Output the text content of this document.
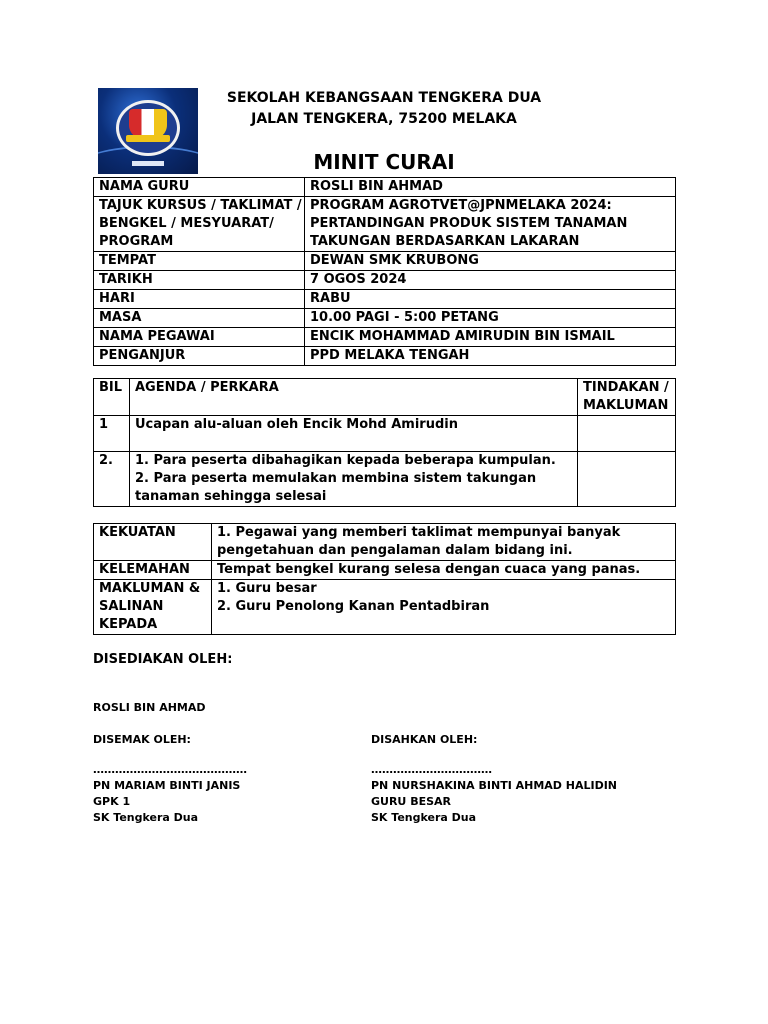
SEKOLAH KEBANGSAAN TENGKERA DUA
JALAN TENGKERA, 75200 MELAKA
MINIT CURAI
NAMA GURU	ROSLI BIN AHMAD
TAJUK KURSUS / TAKLIMAT / BENGKEL / MESYUARAT/ PROGRAM	PROGRAM AGROTVET@JPNMELAKA 2024: PERTANDINGAN PRODUK SISTEM TANAMAN TAKUNGAN BERDASARKAN LAKARAN
TEMPAT	DEWAN SMK KRUBONG
TARIKH	7 OGOS 2024
HARI	RABU
MASA	10.00 PAGI - 5:00 PETANG
NAMA PEGAWAI	ENCIK MOHAMMAD AMIRUDIN BIN ISMAIL
PENGANJUR	PPD MELAKA TENGAH
BIL	AGENDA / PERKARA	TINDAKAN / MAKLUMAN
1	Ucapan alu-aluan oleh Encik Mohd Amirudin	
2.	1. Para peserta dibahagikan kepada beberapa kumpulan.
2. Para peserta memulakan membina sistem takungan tanaman sehingga selesai	

KEKUATAN	1. Pegawai yang memberi taklimat mempunyai banyak pengetahuan dan pengalaman dalam bidang ini.
KELEMAHAN	Tempat bengkel kurang selesa dengan cuaca yang panas.
MAKLUMAN & SALINAN KEPADA	1. Guru besar
2. Guru Penolong Kanan Pentadbiran
DISEDIAKAN OLEH:
ROSLI BIN AHMAD
DISEMAK OLEH:
……………………………………
PN MARIAM BINTI JANIS
GPK 1
SK Tengkera Dua
DISAHKAN OLEH:
……………………………
PN NURSHAKINA BINTI AHMAD HALIDIN
GURU BESAR
SK Tengkera Dua
